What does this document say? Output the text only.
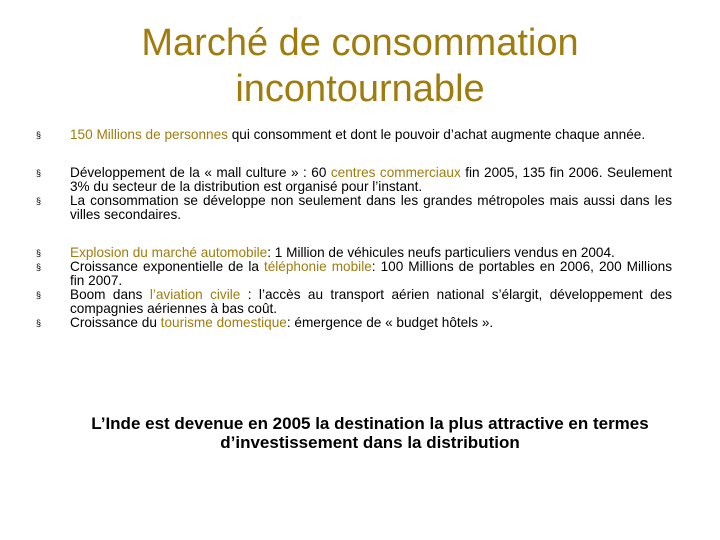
Marché de consommation
incontournable
§ 150 Millions de personnes qui consomment et dont le pouvoir d’achat augmente chaque année.
§ Développement de la « mall culture » : 60 centres commerciaux fin 2005, 135 fin 2006. Seulement 3% du secteur de la distribution est organisé pour l’instant.
§ La consommation se développe non seulement dans les grandes métropoles mais aussi dans les villes secondaires.
§ Explosion du marché automobile: 1 Million de véhicules neufs particuliers vendus en 2004.
§ Croissance exponentielle de la téléphonie mobile: 100 Millions de portables en 2006, 200 Millions fin 2007.
§ Boom dans l’aviation civile : l’accès au transport aérien national s’élargit, développement des compagnies aériennes à bas coût.
§ Croissance du tourisme domestique: émergence de « budget hôtels ».
L’Inde est devenue en 2005 la destination la plus attractive en termes d’investissement dans la distribution
